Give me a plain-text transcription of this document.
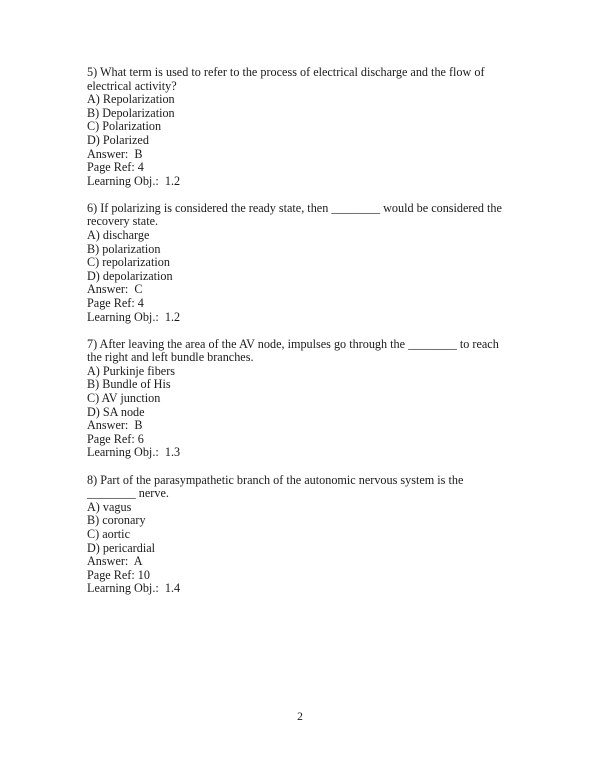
5) What term is used to refer to the process of electrical discharge and the flow of electrical activity?

A) Repolarization

B) Depolarization

C) Polarization

D) Polarized

Answer:  B

Page Ref: 4

Learning Obj.:  1.2

6) If polarizing is considered the ready state, then ________ would be considered the recovery state.

A) discharge

B) polarization

C) repolarization

D) depolarization

Answer:  C

Page Ref: 4

Learning Obj.:  1.2

7) After leaving the area of the AV node, impulses go through the ________ to reach the right and left bundle branches.

A) Purkinje fibers

B) Bundle of His

C) AV junction

D) SA node

Answer:  B

Page Ref: 6

Learning Obj.:  1.3

8) Part of the parasympathetic branch of the autonomic nervous system is the ________ nerve.

A) vagus

B) coronary

C) aortic

D) pericardial

Answer:  A

Page Ref: 10

Learning Obj.:  1.4

2
